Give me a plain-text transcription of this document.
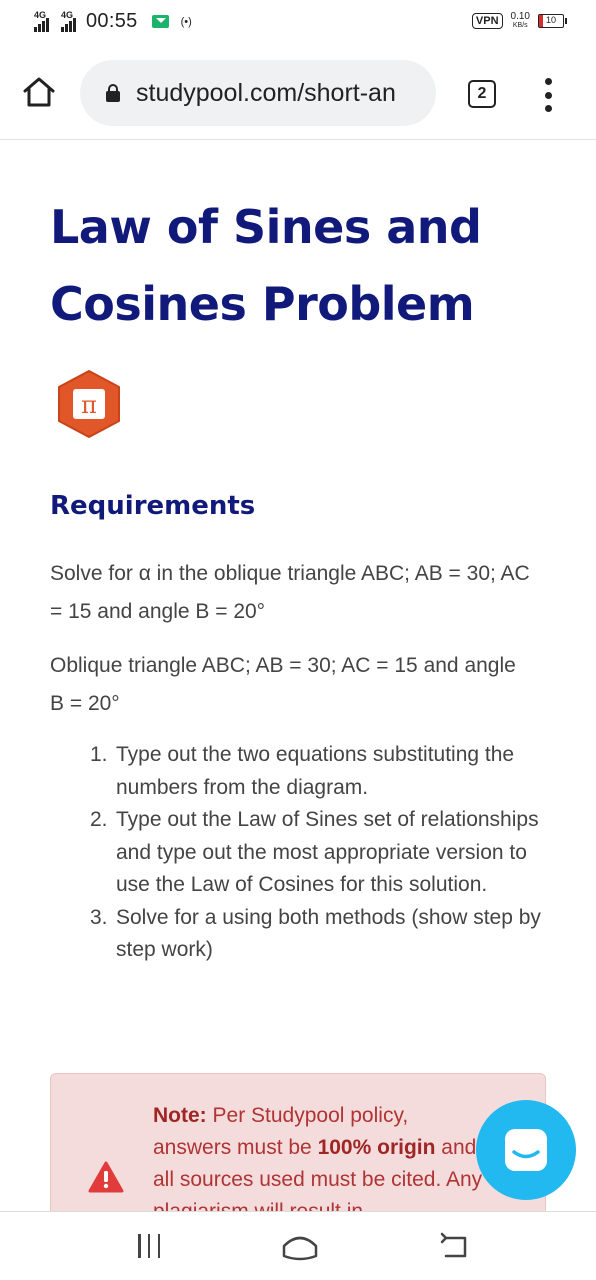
4G 4G 00:55	(•)	VPN	0.10
KB/s
10
studypool.com/short-an	2
Law of Sines and Cosines Problem
π
Requirements

Solve for α in the oblique triangle ABC; AB = 30; AC = 15 and angle B = 20°

Oblique triangle ABC; AB = 30; AC = 15 and angle B = 20°

1. Type out the two equations substituting the numbers from the diagram.
2. Type out the Law of Sines set of relationships and type out the most appropriate version to use the Law of Cosines for this solution.
3. Solve for a using both methods (show step by step work)

Note: Per Studypool policy, answers must be 100% origin and all sources used must be cited. Any
